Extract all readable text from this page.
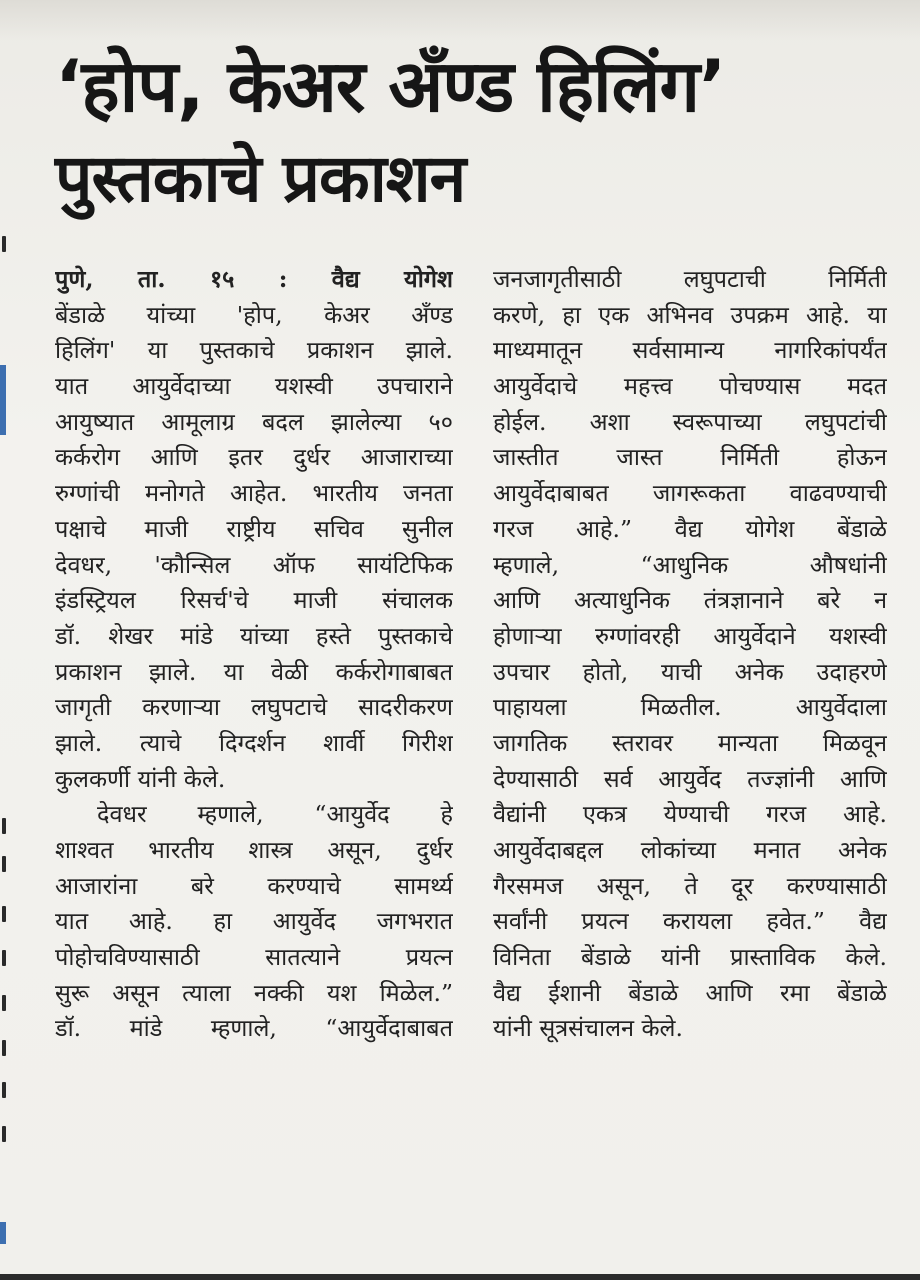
‘होप, केअर अँण्ड हिलिंग’
पुस्तकाचे प्रकाशन
पुणे, ता. १५ : वैद्य योगेश
बेंडाळे यांच्या 'होप, केअर अँण्ड
हिलिंग' या पुस्तकाचे प्रकाशन झाले.
यात आयुर्वेदाच्या यशस्वी उपचाराने
आयुष्यात आमूलाग्र बदल झालेल्या ५०
कर्करोग आणि इतर दुर्धर आजाराच्या
रुग्णांची मनोगते आहेत. भारतीय जनता
पक्षाचे माजी राष्ट्रीय सचिव सुनील
देवधर, 'कौन्सिल ऑफ सायंटिफिक
इंडस्ट्रियल रिसर्च'चे माजी संचालक
डॉ. शेखर मांडे यांच्या हस्ते पुस्तकाचे
प्रकाशन झाले. या वेळी कर्करोगाबाबत
जागृती करणाऱ्या लघुपटाचे सादरीकरण
झाले. त्याचे दिग्दर्शन शार्वी गिरीश
कुलकर्णी यांनी केले.
देवधर म्हणाले, “आयुर्वेद हे
शाश्वत भारतीय शास्त्र असून, दुर्धर
आजारांना बरे करण्याचे सामर्थ्य
यात आहे. हा आयुर्वेद जगभरात
पोहोचविण्यासाठी सातत्याने प्रयत्न
सुरू असून त्याला नक्की यश मिळेल.”
डॉ. मांडे म्हणाले, “आयुर्वेदाबाबत
जनजागृतीसाठी लघुपटाची निर्मिती
करणे, हा एक अभिनव उपक्रम आहे. या
माध्यमातून सर्वसामान्य नागरिकांपर्यंत
आयुर्वेदाचे महत्त्व पोचण्यास मदत
होईल. अशा स्वरूपाच्या लघुपटांची
जास्तीत जास्त निर्मिती होऊन
आयुर्वेदाबाबत जागरूकता वाढवण्याची
गरज आहे.” वैद्य योगेश बेंडाळे
म्हणाले, “आधुनिक औषधांनी
आणि अत्याधुनिक तंत्रज्ञानाने बरे न
होणाऱ्या रुग्णांवरही आयुर्वेदाने यशस्वी
उपचार होतो, याची अनेक उदाहरणे
पाहायला मिळतील. आयुर्वेदाला
जागतिक स्तरावर मान्यता मिळवून
देण्यासाठी सर्व आयुर्वेद तज्ज्ञांनी आणि
वैद्यांनी एकत्र येण्याची गरज आहे.
आयुर्वेदाबद्दल लोकांच्या मनात अनेक
गैरसमज असून, ते दूर करण्यासाठी
सर्वांनी प्रयत्न करायला हवेत.” वैद्य
विनिता बेंडाळे यांनी प्रास्ताविक केले.
वैद्य ईशानी बेंडाळे आणि रमा बेंडाळे
यांनी सूत्रसंचालन केले.
